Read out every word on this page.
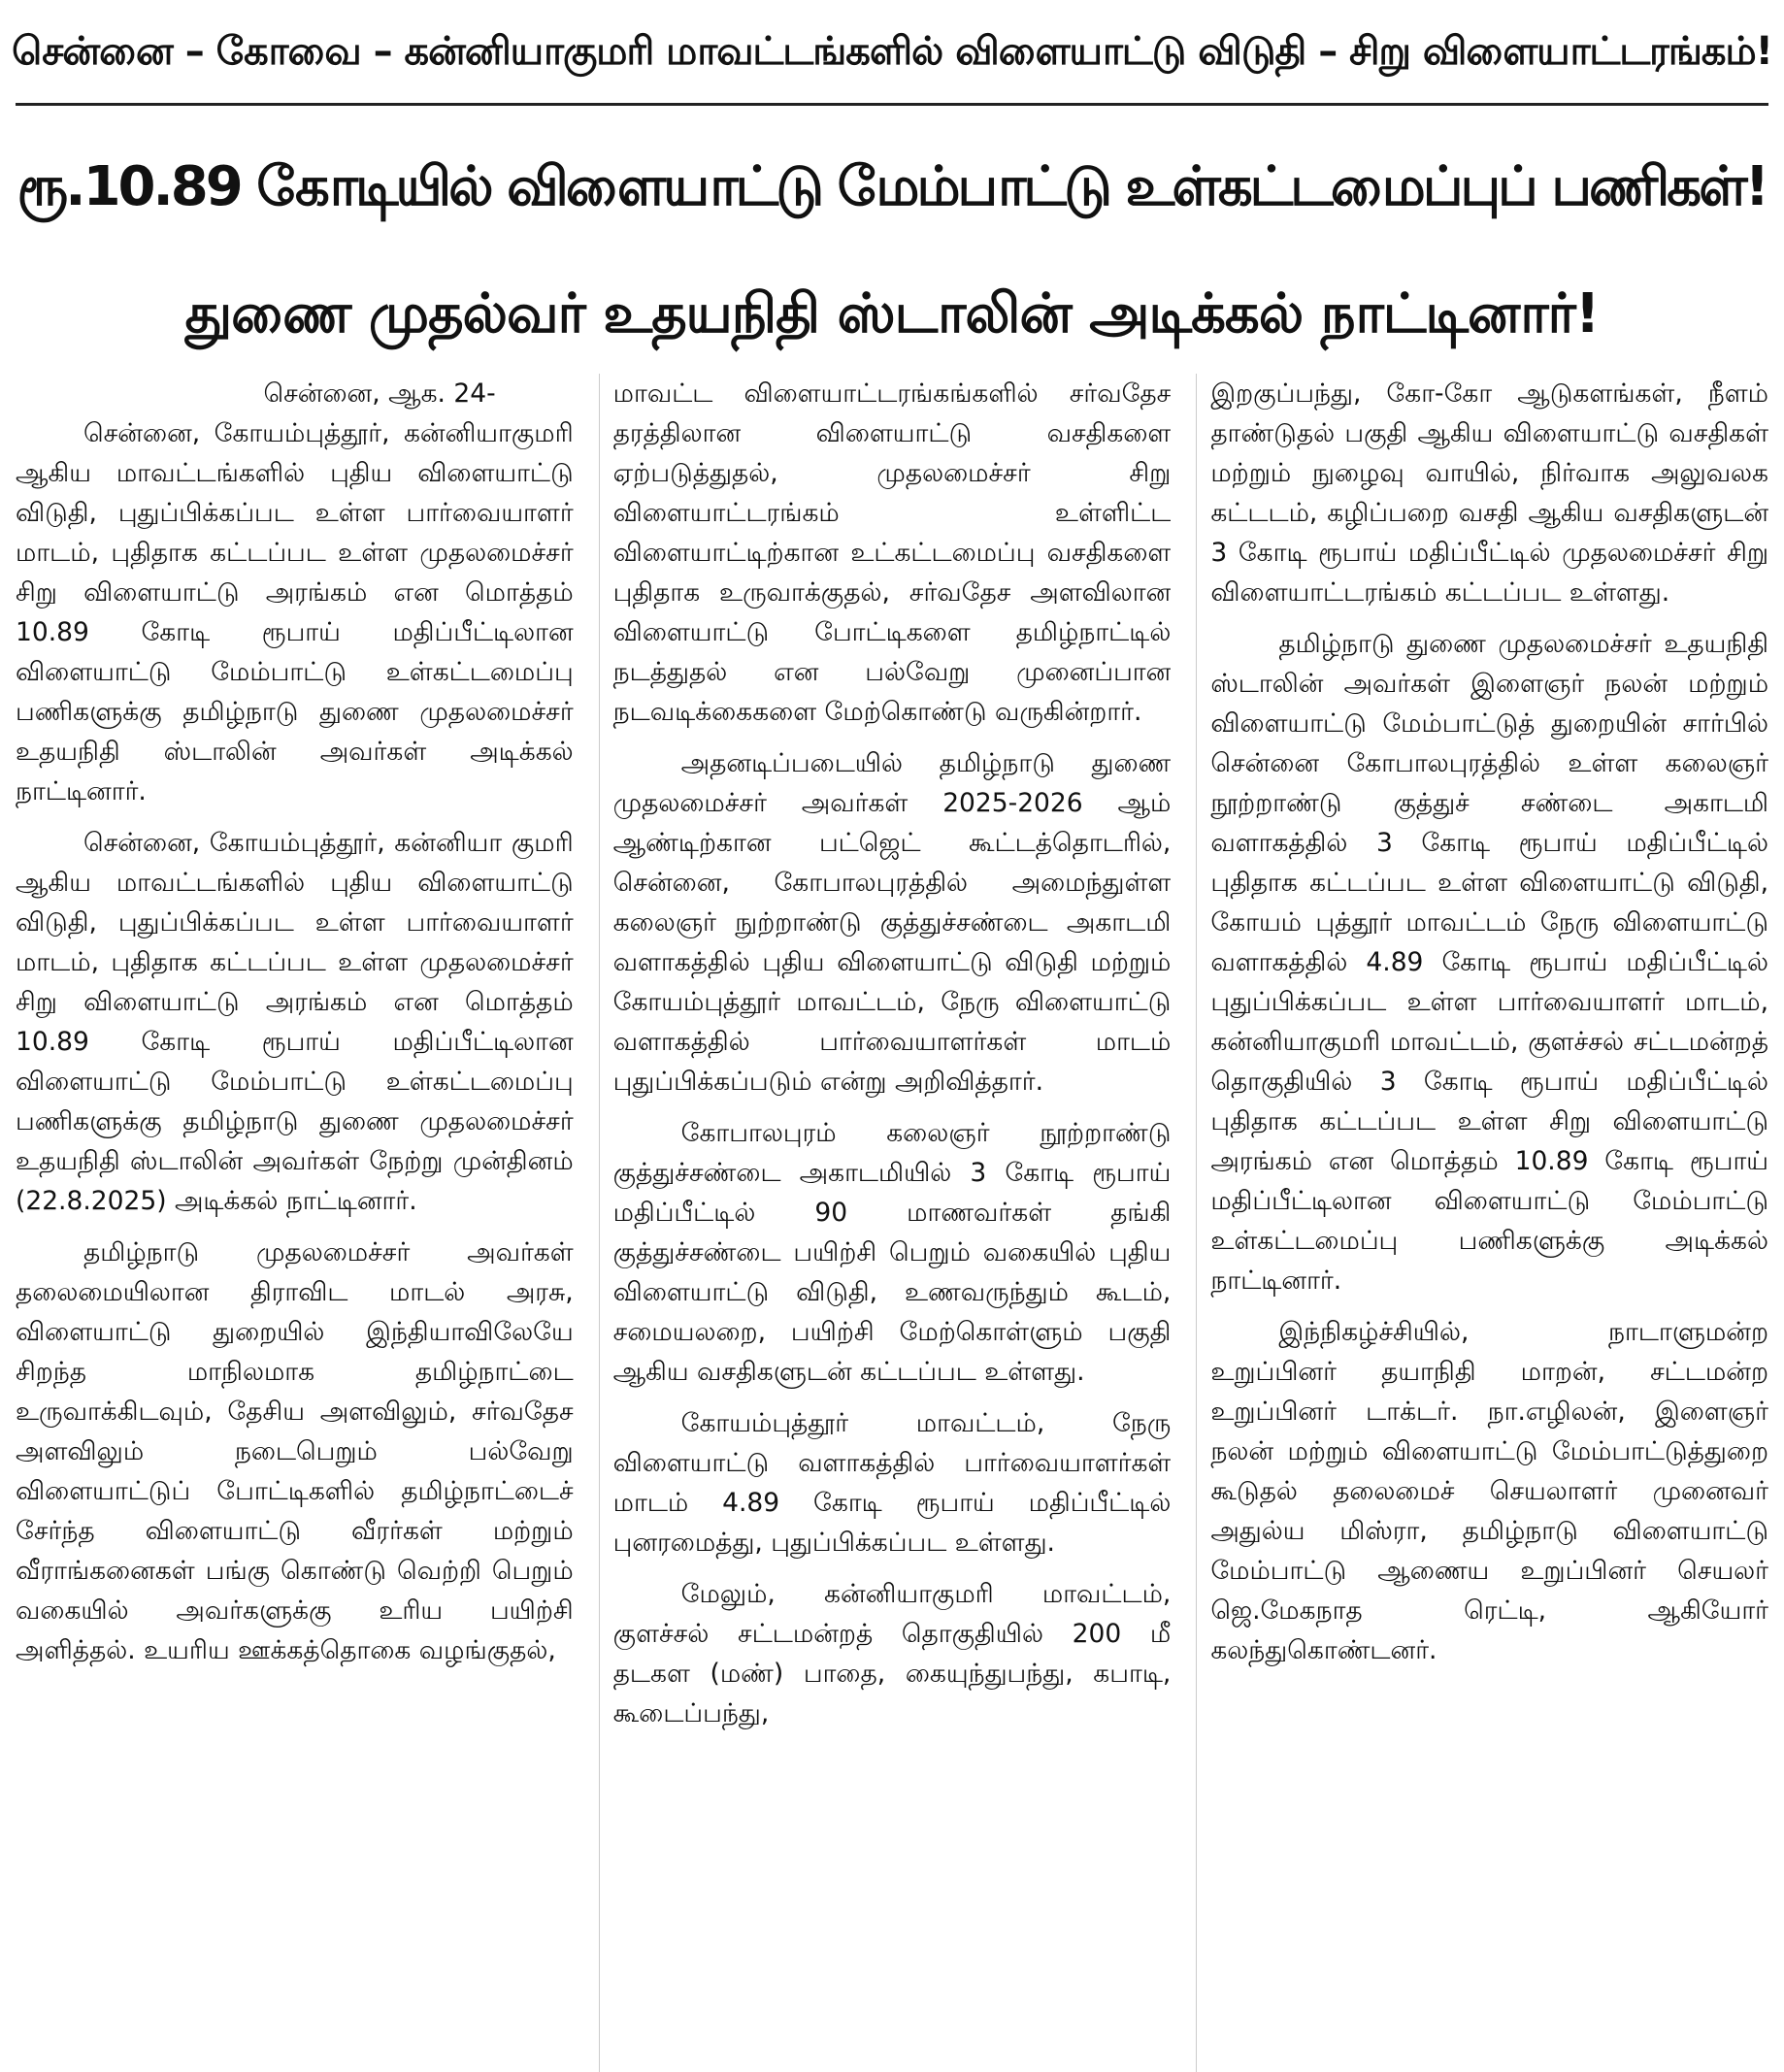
சென்னை – கோவை – கன்னியாகுமரி மாவட்டங்களில் விளையாட்டு விடுதி – சிறு விளையாட்டரங்கம்!
ரூ.10.89 கோடியில் விளையாட்டு மேம்பாட்டு உள்கட்டமைப்புப் பணிகள்!
துணை முதல்வர் உதயநிதி ஸ்டாலின் அடிக்கல் நாட்டினார்!

சென்னை, ஆக. 24-

சென்னை, கோயம்புத்தூர், கன்னியாகுமரி ஆகிய மாவட்டங்களில் புதிய விளையாட்டு விடுதி, புதுப்பிக்கப்பட உள்ள பார்வையாளர் மாடம், புதிதாக கட்டப்பட உள்ள முதலமைச்சர் சிறு விளையாட்டு அரங்கம் என மொத்தம் 10.89 கோடி ரூபாய் மதிப்பீட்டிலான விளையாட்டு மேம்பாட்டு உள்கட்டமைப்பு பணிகளுக்கு தமிழ்நாடு துணை முதலமைச்சர் உதயநிதி ஸ்டாலின் அவர்கள் அடிக்கல் நாட்டினார்.

சென்னை, கோயம்புத்தூர், கன்னியா குமரி ஆகிய மாவட்டங்களில் புதிய விளையாட்டு விடுதி, புதுப்பிக்கப்பட உள்ள பார்வையாளர் மாடம், புதிதாக கட்டப்பட உள்ள முதலமைச்சர் சிறு விளையாட்டு அரங்கம் என மொத்தம் 10.89 கோடி ரூபாய் மதிப்பீட்டிலான விளையாட்டு மேம்பாட்டு உள்கட்டமைப்பு பணிகளுக்கு தமிழ்நாடு துணை முதலமைச்சர் உதயநிதி ஸ்டாலின் அவர்கள் நேற்று முன்தினம் (22.8.2025) அடிக்கல் நாட்டினார்.

தமிழ்நாடு முதலமைச்சர் அவர்கள் தலைமையிலான திராவிட மாடல் அரசு, விளையாட்டு துறையில் இந்தியாவிலேயே சிறந்த மாநிலமாக தமிழ்நாட்டை உருவாக்கிடவும், தேசிய அளவிலும், சர்வதேச அளவிலும் நடைபெறும் பல்வேறு விளையாட்டுப் போட்டிகளில் தமிழ்நாட்டைச் சேர்ந்த விளையாட்டு வீரர்கள் மற்றும் வீராங்கனைகள் பங்கு கொண்டு வெற்றி பெறும் வகையில் அவர்களுக்கு உரிய பயிற்சி அளித்தல். உயரிய ஊக்கத்தொகை வழங்குதல்,

மாவட்ட விளையாட்டரங்கங்களில் சர்வதேச தரத்திலான விளையாட்டு வசதிகளை ஏற்படுத்துதல், முதலமைச்சர் சிறு விளையாட்டரங்கம் உள்ளிட்ட விளையாட்டிற்கான உட்கட்டமைப்பு வசதிகளை புதிதாக உருவாக்குதல், சர்வதேச அளவிலான விளையாட்டு போட்டிகளை தமிழ்நாட்டில் நடத்துதல் என பல்வேறு முனைப்பான நடவடிக்கைகளை மேற்கொண்டு வருகின்றார்.

அதனடிப்படையில் தமிழ்நாடு துணை முதலமைச்சர் அவர்கள் 2025-2026 ஆம் ஆண்டிற்கான பட்ஜெட் கூட்டத்தொடரில், சென்னை, கோபாலபுரத்தில் அமைந்துள்ள கலைஞர் நுற்றாண்டு குத்துச்சண்டை அகாடமி வளாகத்தில் புதிய விளையாட்டு விடுதி மற்றும் கோயம்புத்தூர் மாவட்டம், நேரு விளையாட்டு வளாகத்தில் பார்வையாளர்கள் மாடம் புதுப்பிக்கப்படும் என்று அறிவித்தார்.

கோபாலபுரம் கலைஞர் நூற்றாண்டு குத்துச்சண்டை அகாடமியில் 3 கோடி ரூபாய் மதிப்பீட்டில் 90 மாணவர்கள் தங்கி குத்துச்சண்டை பயிற்சி பெறும் வகையில் புதிய விளையாட்டு விடுதி, உணவருந்தும் கூடம், சமையலறை, பயிற்சி மேற்கொள்ளும் பகுதி ஆகிய வசதிகளுடன் கட்டப்பட உள்ளது.

கோயம்புத்தூர் மாவட்டம், நேரு விளையாட்டு வளாகத்தில் பார்வையாளர்கள் மாடம் 4.89 கோடி ரூபாய் மதிப்பீட்டில் புனரமைத்து, புதுப்பிக்கப்பட உள்ளது.

மேலும், கன்னியாகுமரி மாவட்டம், குளச்சல் சட்டமன்றத் தொகுதியில் 200 மீ தடகள (மண்) பாதை, கையுந்துபந்து, கபாடி, கூடைப்பந்து,

இறகுப்பந்து, கோ-கோ ஆடுகளங்கள், நீளம் தாண்டுதல் பகுதி ஆகிய விளையாட்டு வசதிகள் மற்றும் நுழைவு வாயில், நிர்வாக அலுவலக கட்டடம், கழிப்பறை வசதி ஆகிய வசதிகளுடன் 3 கோடி ரூபாய் மதிப்பீட்டில் முதலமைச்சர் சிறு விளையாட்டரங்கம் கட்டப்பட உள்ளது.

தமிழ்நாடு துணை முதலமைச்சர் உதயநிதி ஸ்டாலின் அவர்கள் இளைஞர் நலன் மற்றும் விளையாட்டு மேம்பாட்டுத் துறையின் சார்பில் சென்னை கோபாலபுரத்தில் உள்ள கலைஞர் நூற்றாண்டு குத்துச் சண்டை அகாடமி வளாகத்தில் 3 கோடி ரூபாய் மதிப்பீட்டில் புதிதாக கட்டப்பட உள்ள விளையாட்டு விடுதி, கோயம் புத்தூர் மாவட்டம் நேரு விளையாட்டு வளாகத்தில் 4.89 கோடி ரூபாய் மதிப்பீட்டில் புதுப்பிக்கப்பட உள்ள பார்வையாளர் மாடம், கன்னியாகுமரி மாவட்டம், குளச்சல் சட்டமன்றத் தொகுதியில் 3 கோடி ரூபாய் மதிப்பீட்டில் புதிதாக கட்டப்பட உள்ள சிறு விளையாட்டு அரங்கம் என மொத்தம் 10.89 கோடி ரூபாய் மதிப்பீட்டிலான விளையாட்டு மேம்பாட்டு உள்கட்டமைப்பு பணிகளுக்கு அடிக்கல் நாட்டினார்.

இந்நிகழ்ச்சியில், நாடாளுமன்ற உறுப்பினர் தயாநிதி மாறன், சட்டமன்ற உறுப்பினர் டாக்டர். நா.எழிலன், இளைஞர் நலன் மற்றும் விளையாட்டு மேம்பாட்டுத்துறை கூடுதல் தலைமைச் செயலாளர் முனைவர் அதுல்ய மிஸ்ரா, தமிழ்நாடு விளையாட்டு மேம்பாட்டு ஆணைய உறுப்பினர் செயலர் ஜெ.மேகநாத ரெட்டி, ஆகியோர் கலந்துகொண்டனர்.
